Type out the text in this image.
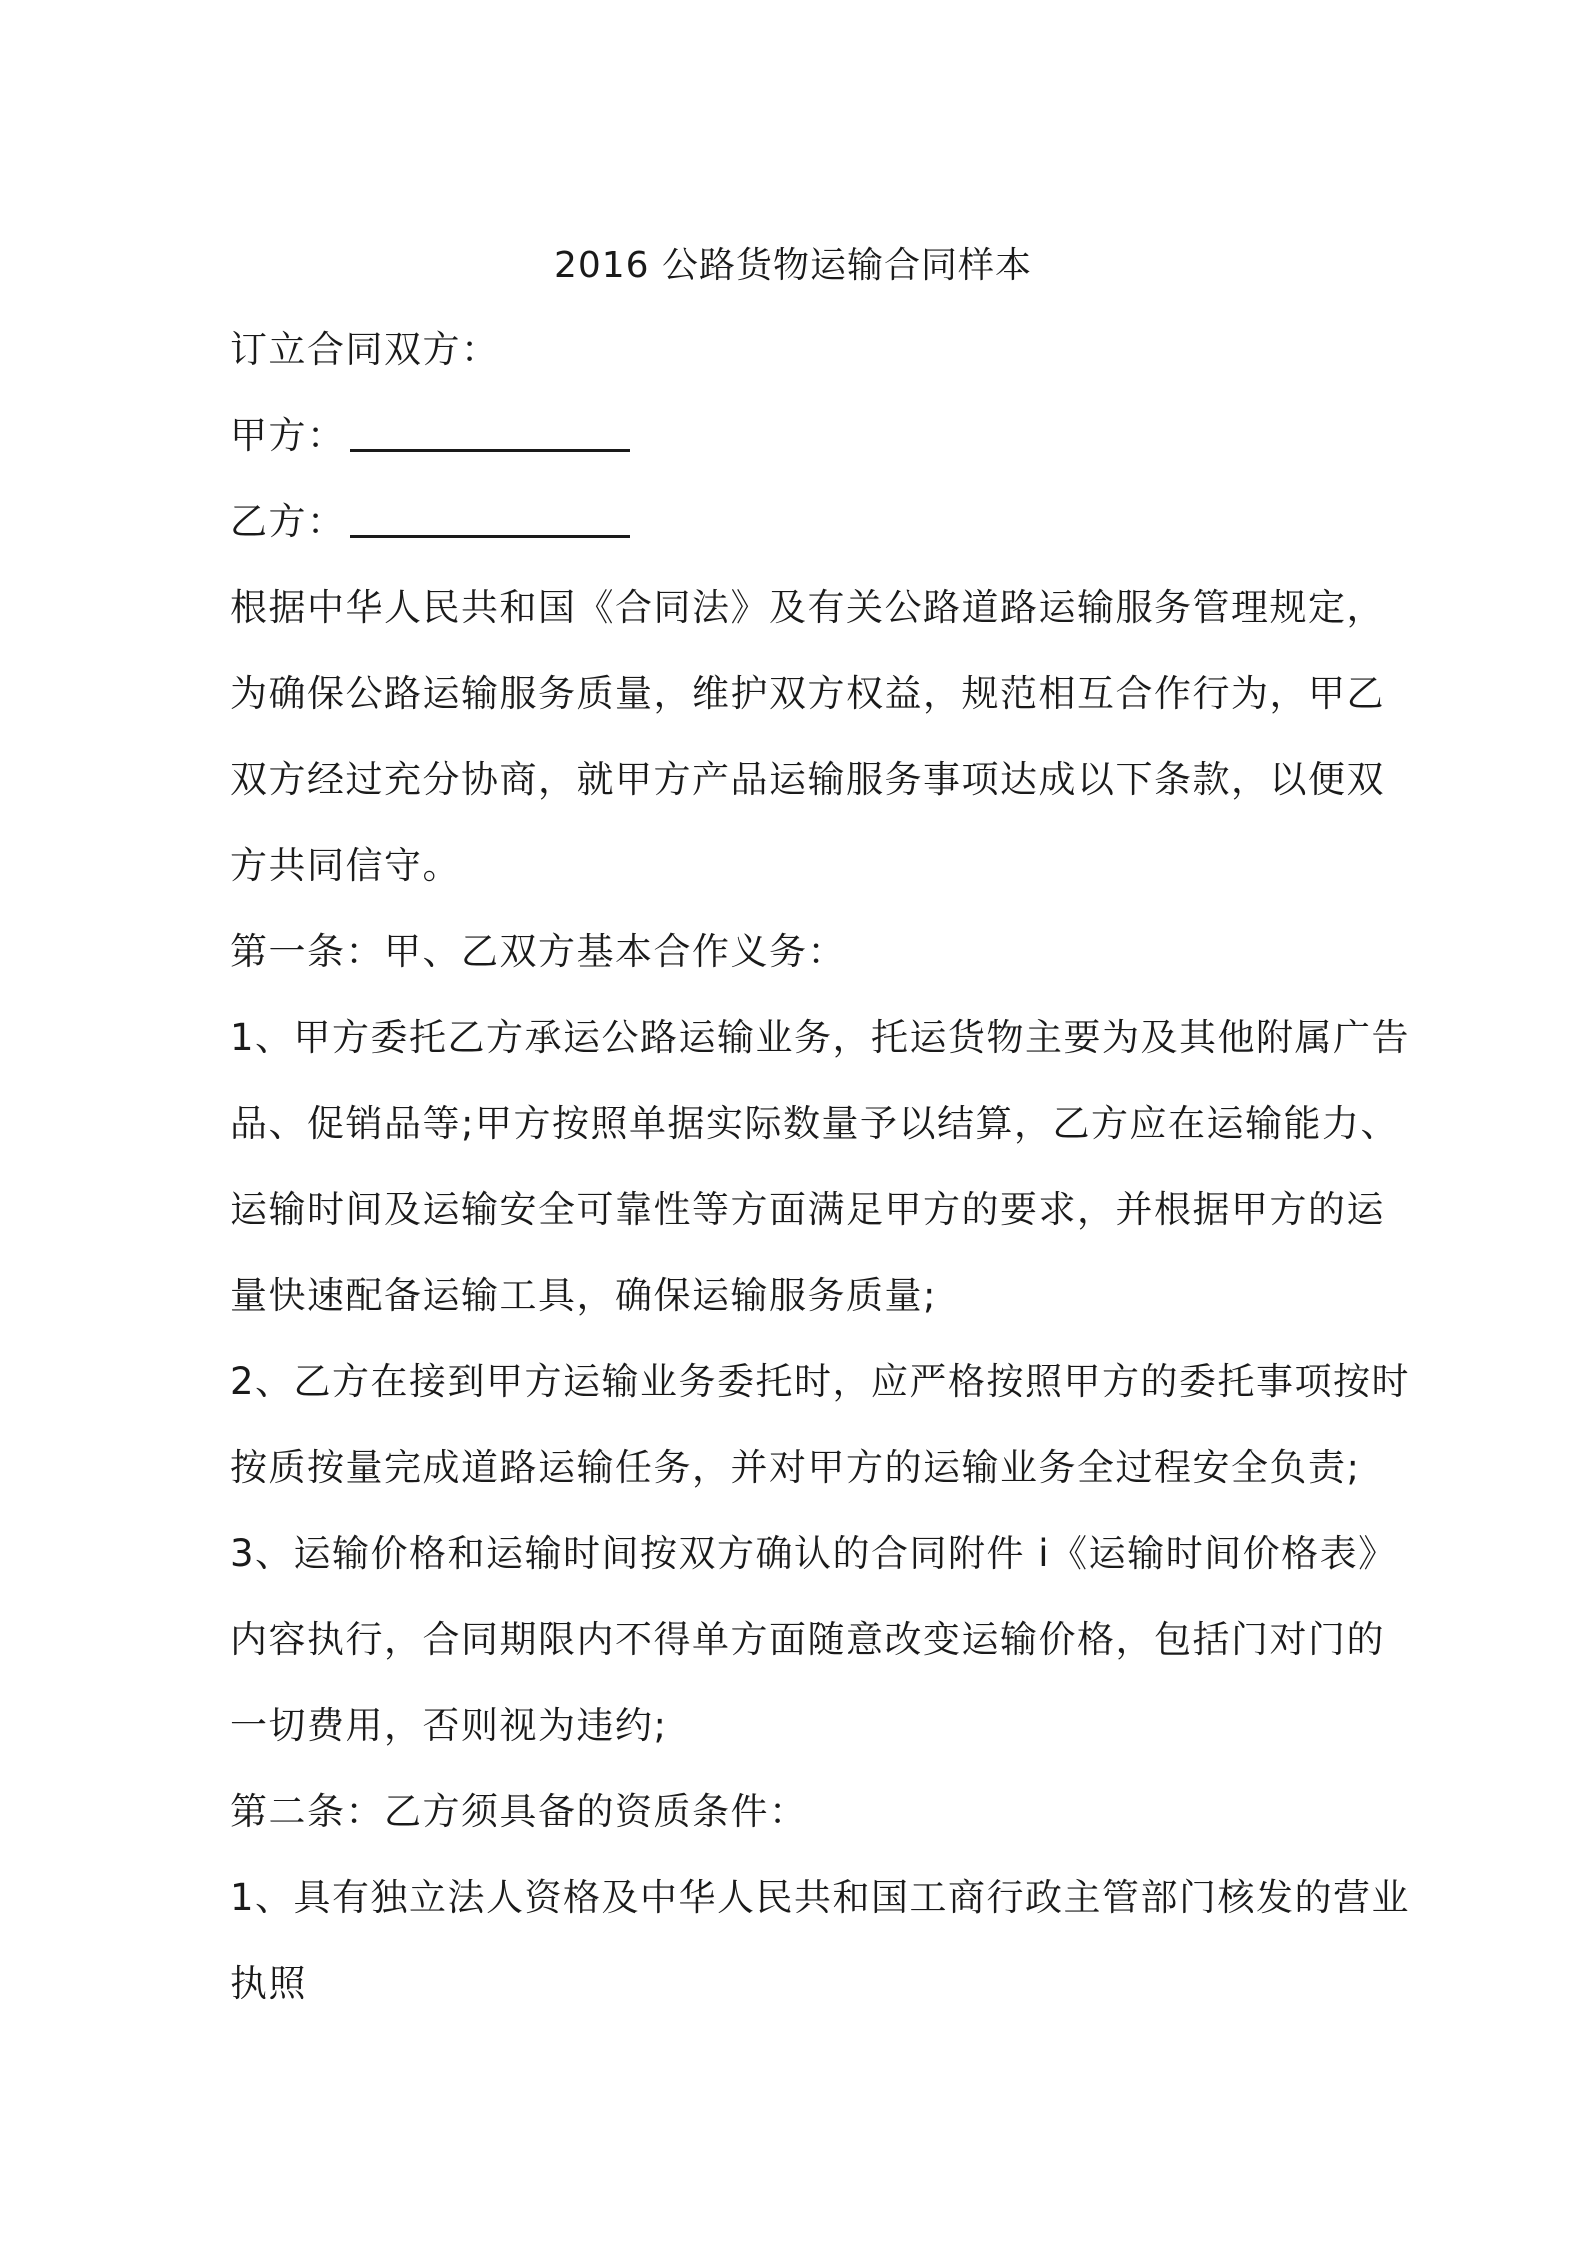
2016 公路货物运输合同样本

订立合同双方：

甲方：

乙方：

根据中华人民共和国《合同法》及有关公路道路运输服务管理规定，

为确保公路运输服务质量，维护双方权益，规范相互合作行为，甲乙

双方经过充分协商，就甲方产品运输服务事项达成以下条款，以便双

方共同信守。

第一条：甲、乙双方基本合作义务：

1、甲方委托乙方承运公路运输业务，托运货物主要为及其他附属广告

品、促销品等;甲方按照单据实际数量予以结算，乙方应在运输能力、

运输时间及运输安全可靠性等方面满足甲方的要求，并根据甲方的运

量快速配备运输工具，确保运输服务质量;

2、乙方在接到甲方运输业务委托时，应严格按照甲方的委托事项按时

按质按量完成道路运输任务，并对甲方的运输业务全过程安全负责;

3、运输价格和运输时间按双方确认的合同附件 i《运输时间价格表》

内容执行，合同期限内不得单方面随意改变运输价格，包括门对门的

一切费用，否则视为违约;

第二条：乙方须具备的资质条件：

1、具有独立法人资格及中华人民共和国工商行政主管部门核发的营业

执照
